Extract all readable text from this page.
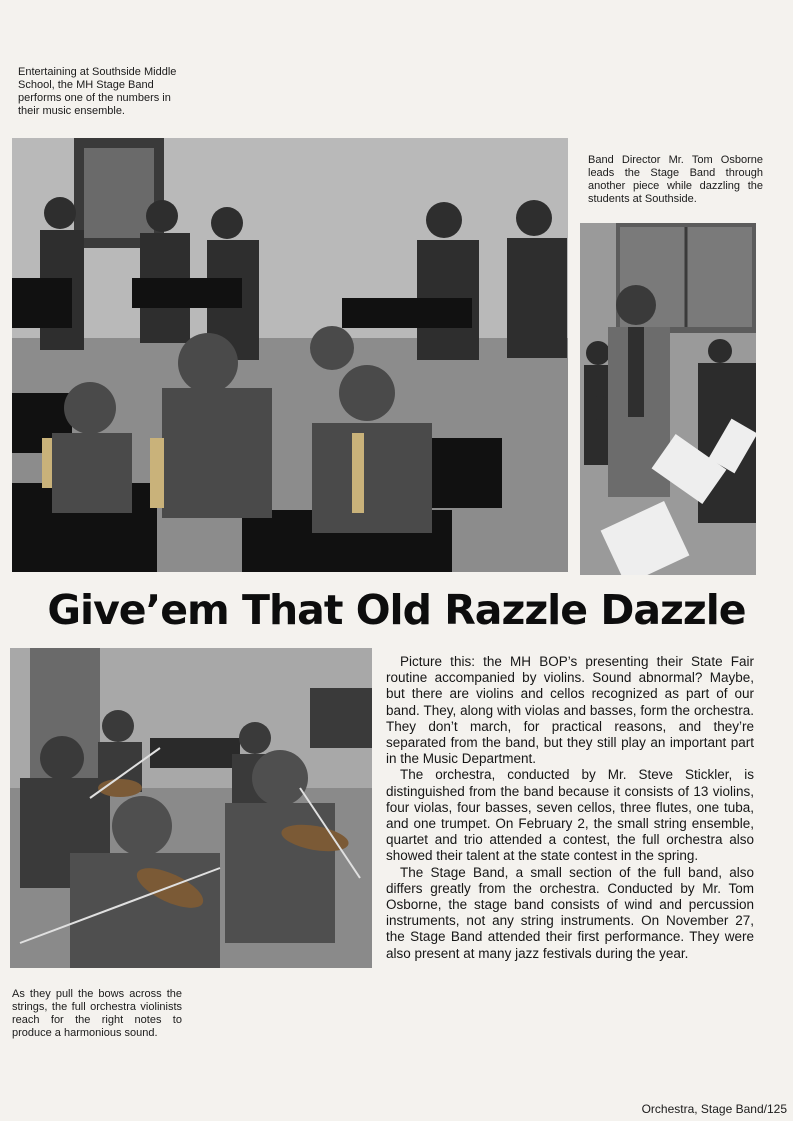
Entertaining at Southside Middle School, the MH Stage Band performs one of the numbers in their music ensemble.
Band Director Mr. Tom Osborne leads the Stage Band through another piece while dazzling the students at Southside.
Give’em That Old Razzle Dazzle

Picture this: the MH BOP’s presenting their State Fair routine accompanied by violins. Sound abnormal? Maybe, but there are violins and cellos recognized as part of our band. They, along with violas and basses, form the orchestra. They don’t march, for practical reasons, and they’re separated from the band, but they still play an important part in the Music Department.

The orchestra, conducted by Mr. Steve Stickler, is distinguished from the band because it consists of 13 violins, four violas, four basses, seven cellos, three flutes, one tuba, and one trumpet. On February 2, the small string ensemble, quartet and trio attended a contest, the full orchestra also showed their talent at the state contest in the spring.

The Stage Band, a small section of the full band, also differs greatly from the orchestra. Conducted by Mr. Tom Osborne, the stage band consists of wind and percussion instruments, not any string instruments. On November 27, the Stage Band attended their first performance. They were also present at many jazz festivals during the year.

As they pull the bows across the strings, the full orchestra violinists reach for the right notes to produce a harmonious sound.
Orchestra, Stage Band/125
